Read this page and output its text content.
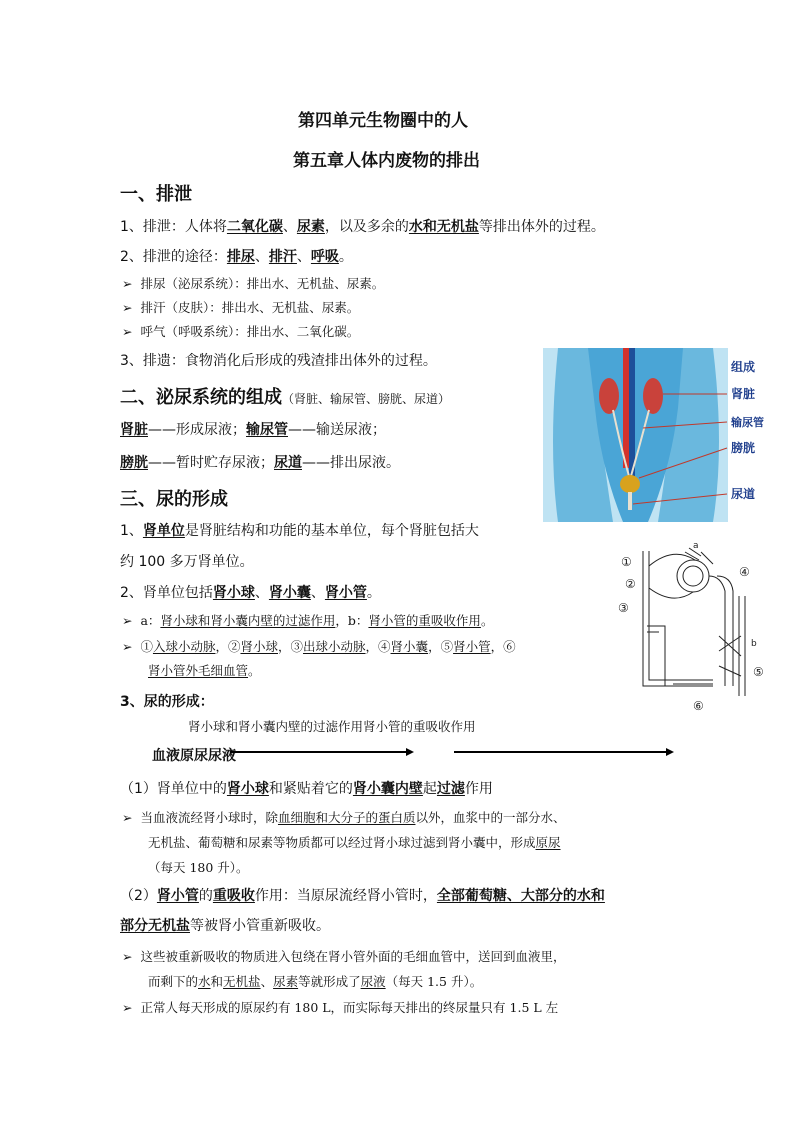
第四单元生物圈中的人
第五章人体内废物的排出
一、排泄
1、排泄：人体将二氧化碳、尿素，以及多余的水和无机盐等排出体外的过程。
2、排泄的途径：排尿、排汗、呼吸。
➢ 排尿（泌尿系统）：排出水、无机盐、尿素。
➢ 排汗（皮肤）：排出水、无机盐、尿素。
➢ 呼气（呼吸系统）：排出水、二氧化碳。
3、排遗：食物消化后形成的残渣排出体外的过程。
二、泌尿系统的组成（肾脏、输尿管、膀胱、尿道）
肾脏——形成尿液；输尿管——输送尿液；
膀胱——暂时贮存尿液；尿道——排出尿液。
组成
肾脏
输尿管
膀胱
尿道
三、尿的形成
1、肾单位是肾脏结构和功能的基本单位，每个肾脏包括大
约 100 多万肾单位。
2、肾单位包括肾小球、肾小囊、肾小管。
➢ a：肾小球和肾小囊内壁的过滤作用，b：肾小管的重吸收作用。
➢ ①入球小动脉，②肾小球，③出球小动脉，④肾小囊，⑤肾小管，⑥
肾小管外毛细血管。
①
②
③
④
⑤
⑥
a
b
3、尿的形成：
肾小球和肾小囊内壁的过滤作用肾小管的重吸收作用
血液原尿尿液
（1）肾单位中的肾小球和紧贴着它的肾小囊内壁起过滤作用
➢ 当血液流经肾小球时，除血细胞和大分子的蛋白质以外，血浆中的一部分水、
无机盐、葡萄糖和尿素等物质都可以经过肾小球过滤到肾小囊中，形成原尿
（每天 180 升）。
（2）肾小管的重吸收作用：当原尿流经肾小管时，全部葡萄糖、大部分的水和
部分无机盐等被肾小管重新吸收。
➢ 这些被重新吸收的物质进入包绕在肾小管外面的毛细血管中，送回到血液里，
而剩下的水和无机盐、尿素等就形成了尿液（每天 1.5 升）。
➢ 正常人每天形成的原尿约有 180 L，而实际每天排出的终尿量只有 1.5 L 左
